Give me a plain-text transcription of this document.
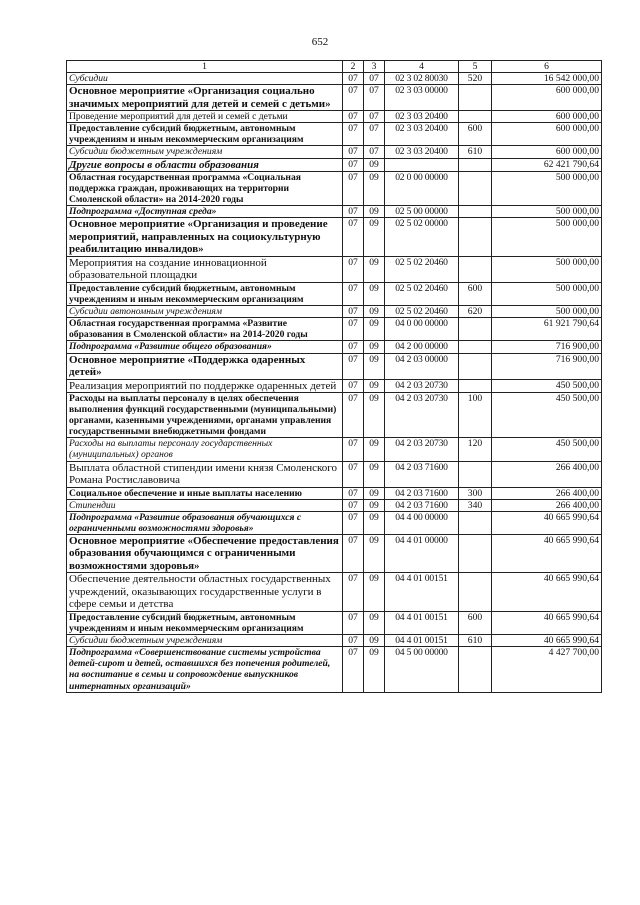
652
1	2	3	4	5	6
Субсидии	07	07	02 3 02 80030	520	16 542 000,00
Основное мероприятие «Организация социально значимых мероприятий для детей и семей с детьми»	07	07	02 3 03 00000		600 000,00
Проведение мероприятий для детей и семей с детьми	07	07	02 3 03 20400		600 000,00
Предоставление субсидий бюджетным, автономным учреждениям и иным некоммерческим организациям	07	07	02 3 03 20400	600	600 000,00
Субсидии бюджетным учреждениям	07	07	02 3 03 20400	610	600 000,00
Другие вопросы в области образования	07	09			62 421 790,64
Областная государственная программа «Социальная поддержка граждан, проживающих на территории Смоленской области» на 2014-2020 годы	07	09	02 0 00 00000		500 000,00
Подпрограмма «Доступная среда»	07	09	02 5 00 00000		500 000,00
Основное мероприятие «Организация и проведение мероприятий, направленных на социокультурную реабилитацию инвалидов»	07	09	02 5 02 00000		500 000,00
Мероприятия на создание инновационной образовательной площадки	07	09	02 5 02 20460		500 000,00
Предоставление субсидий бюджетным, автономным учреждениям и иным некоммерческим организациям	07	09	02 5 02 20460	600	500 000,00
Субсидии автономным учреждениям	07	09	02 5 02 20460	620	500 000,00
Областная государственная программа «Развитие образования в Смоленской области» на 2014-2020 годы	07	09	04 0 00 00000		61 921 790,64
Подпрограмма «Развитие общего образования»	07	09	04 2 00 00000		716 900,00
Основное мероприятие «Поддержка одаренных детей»	07	09	04 2 03 00000		716 900,00
Реализация мероприятий по поддержке одаренных детей	07	09	04 2 03 20730		450 500,00
Расходы на выплаты персоналу в целях обеспечения выполнения функций государственными (муниципальными) органами, казенными учреждениями, органами управления государственными внебюджетными фондами	07	09	04 2 03 20730	100	450 500,00
Расходы на выплаты персоналу государственных (муниципальных) органов	07	09	04 2 03 20730	120	450 500,00
Выплата областной стипендии имени князя Смоленского Романа Ростиславовича	07	09	04 2 03 71600		266 400,00
Социальное обеспечение и иные выплаты населению	07	09	04 2 03 71600	300	266 400,00
Стипендии	07	09	04 2 03 71600	340	266 400,00
Подпрограмма «Развитие образования обучающихся с ограниченными возможностями здоровья»	07	09	04 4 00 00000		40 665 990,64
Основное мероприятие «Обеспечение предоставления образования обучающимся с ограниченными возможностями здоровья»	07	09	04 4 01 00000		40 665 990,64
Обеспечение деятельности областных государственных учреждений, оказывающих государственные услуги в сфере семьи и детства	07	09	04 4 01 00151		40 665 990,64
Предоставление субсидий бюджетным, автономным учреждениям и иным некоммерческим организациям	07	09	04 4 01 00151	600	40 665 990,64
Субсидии бюджетным учреждениям	07	09	04 4 01 00151	610	40 665 990,64
Подпрограмма «Совершенствование системы устройства детей-сирот и детей, оставшихся без попечения родителей, на воспитание в семьи и сопровождение выпускников интернатных организаций»	07	09	04 5 00 00000		4 427 700,00
